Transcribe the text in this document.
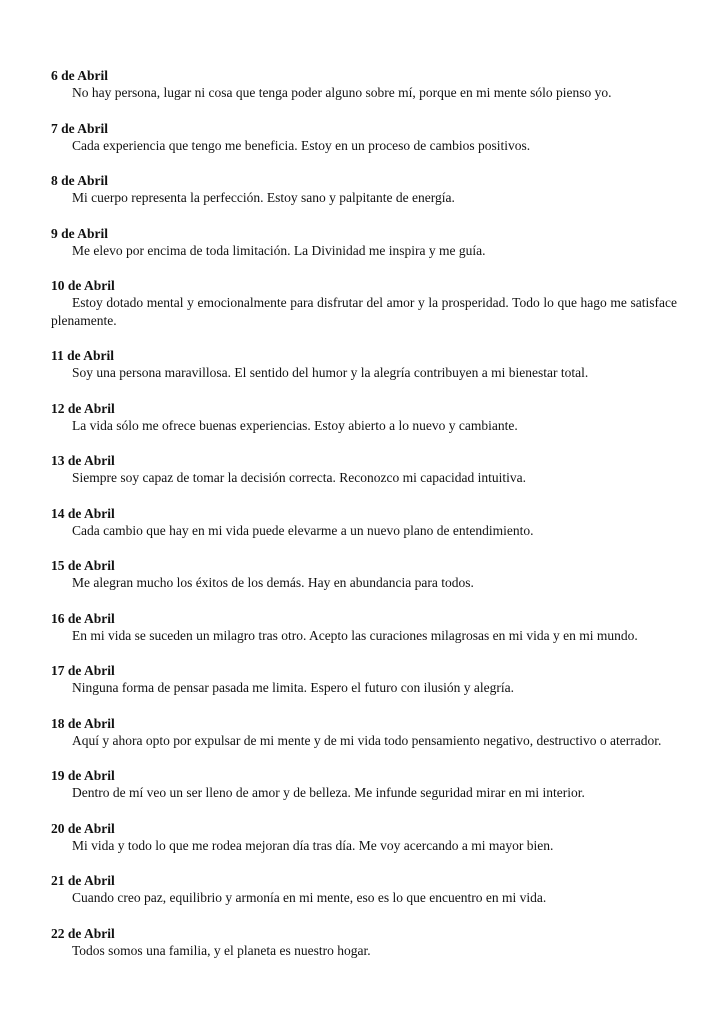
6 de Abril

No hay persona, lugar ni cosa que tenga poder alguno sobre mí, porque en mi mente sólo pienso yo.

7 de Abril

Cada experiencia que tengo me beneficia. Estoy en un proceso de cambios positivos.

8 de Abril

Mi cuerpo representa la perfección. Estoy sano y palpitante de energía.

9 de Abril

Me elevo por encima de toda limitación. La Divinidad me inspira y me guía.

10 de Abril

Estoy dotado mental y emocionalmente para disfrutar del amor y la prosperidad. Todo lo que hago me satisface plenamente.

11 de Abril

Soy una persona maravillosa. El sentido del humor y la alegría contribuyen a mi bienestar total.

12 de Abril

La vida sólo me ofrece buenas experiencias. Estoy abierto a lo nuevo y cambiante.

13 de Abril

Siempre soy capaz de tomar la decisión correcta. Reconozco mi capacidad intuitiva.

14 de Abril

Cada cambio que hay en mi vida puede elevarme a un nuevo plano de entendimiento.

15 de Abril

Me alegran mucho los éxitos de los demás. Hay en abundancia para todos.

16 de Abril

En mi vida se suceden un milagro tras otro. Acepto las curaciones milagrosas en mi vida y en mi mundo.

17 de Abril

Ninguna forma de pensar pasada me limita. Espero el futuro con ilusión y alegría.

18 de Abril

Aquí y ahora opto por expulsar de mi mente y de mi vida todo pensamiento negativo, destructivo o aterrador.

19 de Abril

Dentro de mí veo un ser lleno de amor y de belleza. Me infunde seguridad mirar en mi interior.

20 de Abril

Mi vida y todo lo que me rodea mejoran día tras día. Me voy acercando a mi mayor bien.

21 de Abril

Cuando creo paz, equilibrio y armonía en mi mente, eso es lo que encuentro en mi vida.

22 de Abril

Todos somos una familia, y el planeta es nuestro hogar.
